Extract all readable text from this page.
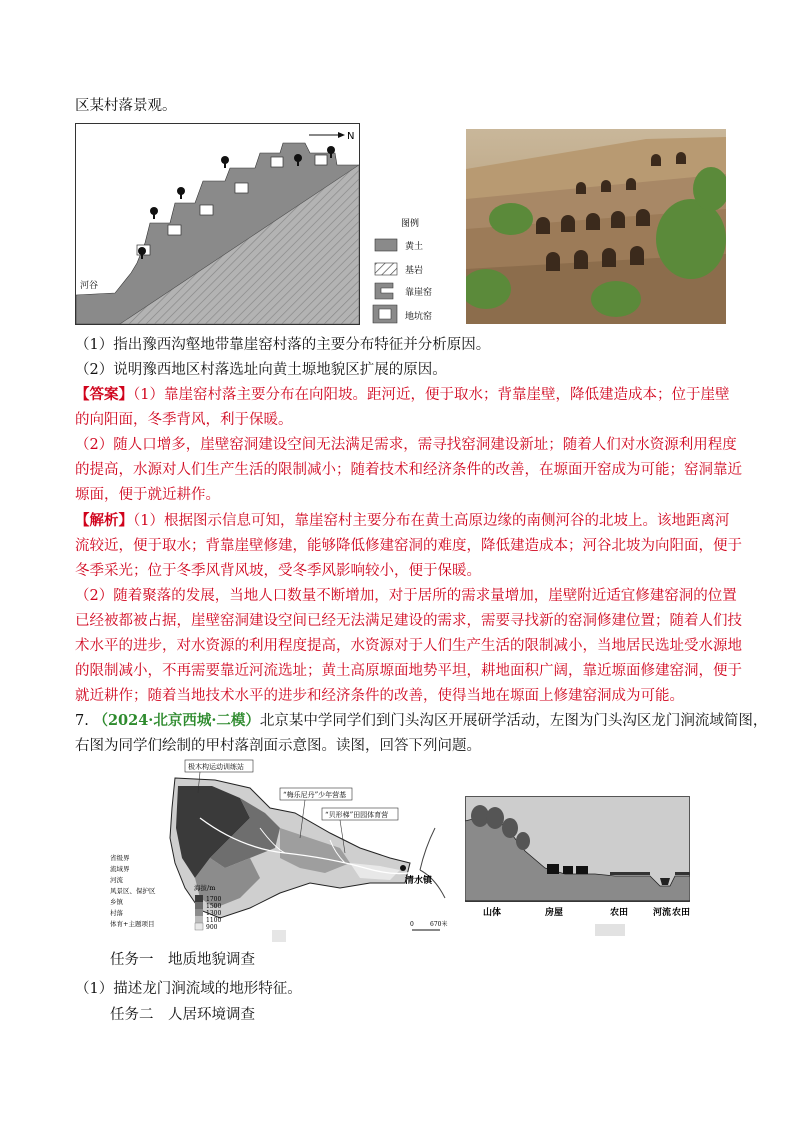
区某村落景观。
N
河谷
图例
黄土
基岩
靠崖窑
地坑窑
（1）指出豫西沟壑地带靠崖窑村落的主要分布特征并分析原因。
（2）说明豫西地区村落选址向黄土塬地貌区扩展的原因。
【答案】（1）靠崖窑村落主要分布在向阳坡。距河近，便于取水；背靠崖壁，降低建造成本；位于崖壁
的向阳面，冬季背风，利于保暖。
（2）随人口增多，崖壁窑洞建设空间无法满足需求，需寻找窑洞建设新址；随着人们对水资源利用程度
的提高，水源对人们生产生活的限制减小；随着技术和经济条件的改善，在塬面开窑成为可能；窑洞靠近
塬面，便于就近耕作。
【解析】（1）根据图示信息可知，靠崖窑村主要分布在黄土高原边缘的南侧河谷的北坡上。该地距离河
流较近，便于取水；背靠崖壁修建，能够降低修建窑洞的难度，降低建造成本；河谷北坡为向阳面，便于
冬季采光；位于冬季风背风坡，受冬季风影响较小，便于保暖。
（2）随着聚落的发展，当地人口数量不断增加，对于居所的需求量增加，崖壁附近适宜修建窑洞的位置
已经被都被占据，崖壁窑洞建设空间已经无法满足建设的需求，需要寻找新的窑洞修建位置；随着人们技
术水平的进步，对水资源的利用程度提高，水资源对于人们生产生活的限制减小，当地居民选址受水源地
的限制减小，不再需要靠近河流选址；黄土高原塬面地势平坦，耕地面积广阔，靠近塬面修建窑洞，便于
就近耕作；随着当地技术水平的进步和经济条件的改善，使得当地在塬面上修建窑洞成为可能。
7. （2024·北京西城·二模）北京某中学同学们到门头沟区开展研学活动，左图为门头沟区龙门涧流域简图，
右图为同学们绘制的甲村落剖面示意图。读图，回答下列问题。
极木构运动训练站
“梅乐尼丹”少年营基
“贝形梯”田园体育营
清水镇
省级界
流域界
河流
风景区、保护区
乡镇
村落
体育+主题项目
海拔/m
1700
1500
1300
1100
900	0	670米
山体	房屋	农田	河流 农田
任务一　地质地貌调查
（1）描述龙门涧流域的地形特征。
任务二　人居环境调查
